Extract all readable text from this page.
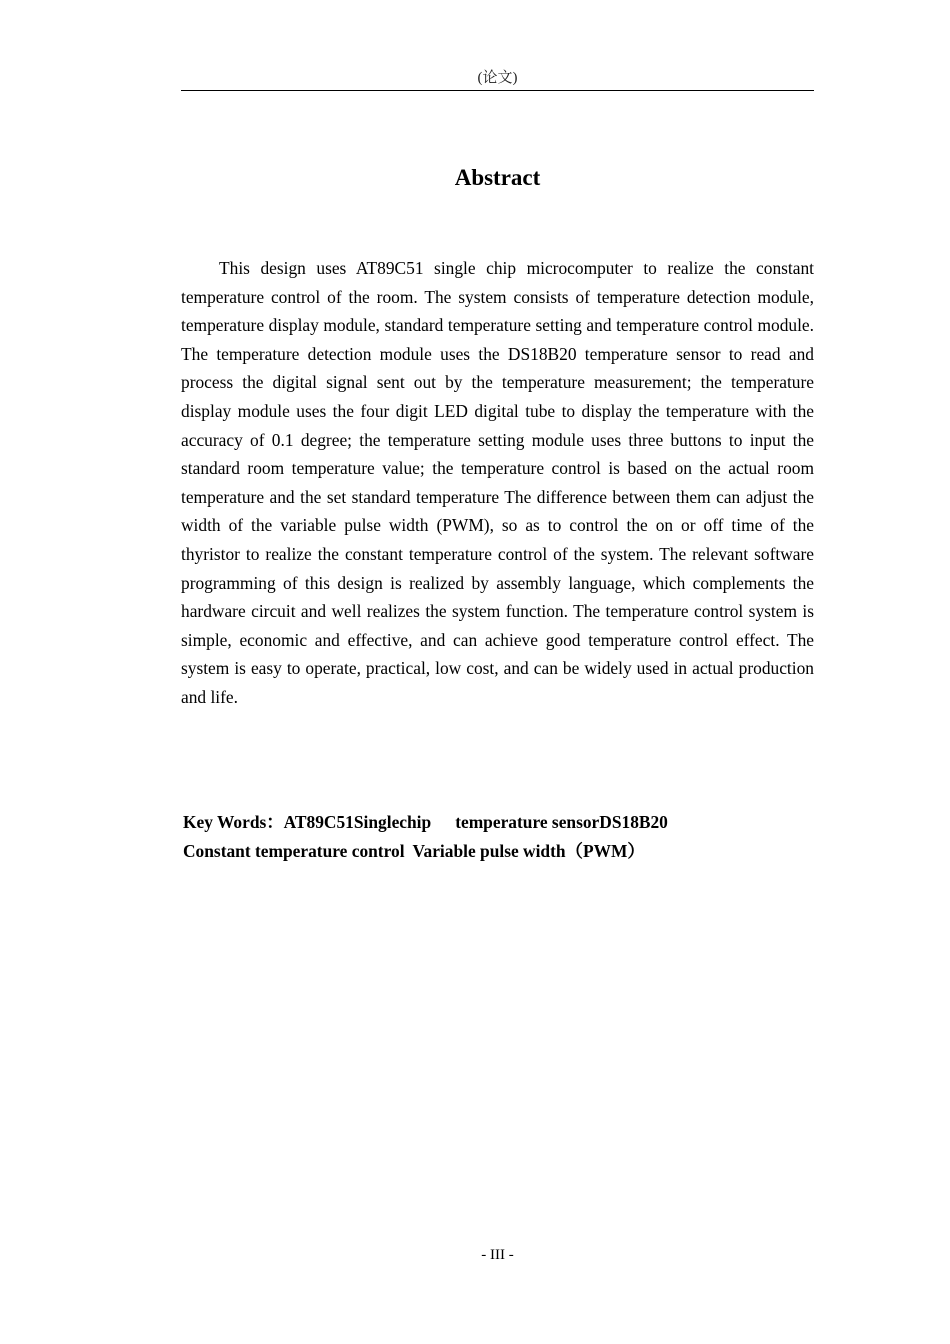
(论文)
Abstract

This design uses AT89C51 single chip microcomputer to realize the constant temperature control of the room. The system consists of temperature detection module, temperature display module, standard temperature setting and temperature control module. The temperature detection module uses the DS18B20 temperature sensor to read and process the digital signal sent out by the temperature measurement; the temperature display module uses the four digit LED digital tube to display the temperature with the accuracy of 0.1 degree; the temperature setting module uses three buttons to input the standard room temperature value; the temperature control is based on the actual room temperature and the set standard temperature The difference between them can adjust the width of the variable pulse width (PWM), so as to control the on or off time of the thyristor to realize the constant temperature control of the system. The relevant software programming of this design is realized by assembly language, which complements the hardware circuit and well realizes the system function. The temperature control system is simple, economic and effective, and can achieve good temperature control effect. The system is easy to operate, practical, low cost, and can be widely used in actual production and life.

Key Words：AT89C51Singlechip temperature sensorDS18B20
Constant temperature control Variable pulse width（PWM）
- III -
